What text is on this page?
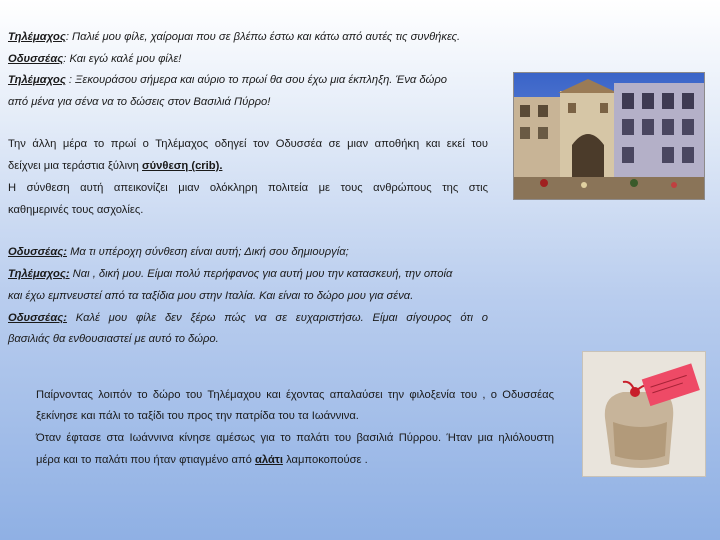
Τηλέμαχος: Παλιέ μου φίλε, χαίρομαι που σε βλέπω έστω και κάτω από αυτές τις συνθήκες.
Οδυσσέας: Και εγώ καλέ μου φίλε!
Τηλέμαχος : Ξεκουράσου σήμερα και αύριο το πρωί θα σου έχω μια έκπληξη. Ένα δώρο
από μένα για σένα να το δώσεις στον Βασιλιά Πύρρο!
Την άλλη μέρα το πρωί ο Τηλέμαχος οδηγεί τον Οδυσσέα σε μιαν αποθήκη και εκεί του
δείχνει μια τεράστια ξύλινη σύνθεση (crib).
Η σύνθεση αυτή απεικονίζει μιαν ολόκληρη πολιτεία με τους ανθρώπους της στις
καθημερινές τους ασχολίες.
Οδυσσέας: Μα τι υπέροχη σύνθεση είναι αυτή; Δική σου δημιουργία;
Τηλέμαχος: Ναι , δική μου. Είμαι πολύ περήφανος για αυτή μου την κατασκευή, την οποία
και έχω εμπνευστεί από τα ταξίδια μου στην Ιταλία. Και είναι το δώρο μου για σένα.
Οδυσσέας: Καλέ μου φίλε δεν ξέρω πώς να σε ευχαριστήσω. Είμαι σίγουρος ότι ο
βασιλιάς θα ενθουσιαστεί με αυτό το δώρο.
Παίρνοντας λοιπόν το δώρο του Τηλέμαχου και έχοντας απαλαύσει την φιλοξενία του , ο Οδυσσέας
ξεκίνησε και πάλι το ταξίδι του προς την πατρίδα του τα Ιωάννινα.
Όταν έφτασε στα Ιωάννινα κίνησε αμέσως για το παλάτι του βασιλιά Πύρρου. Ήταν μια ηλιόλουστη
μέρα και το παλάτι που ήταν φτιαγμένο από αλάτι λαμποκοπούσε .
